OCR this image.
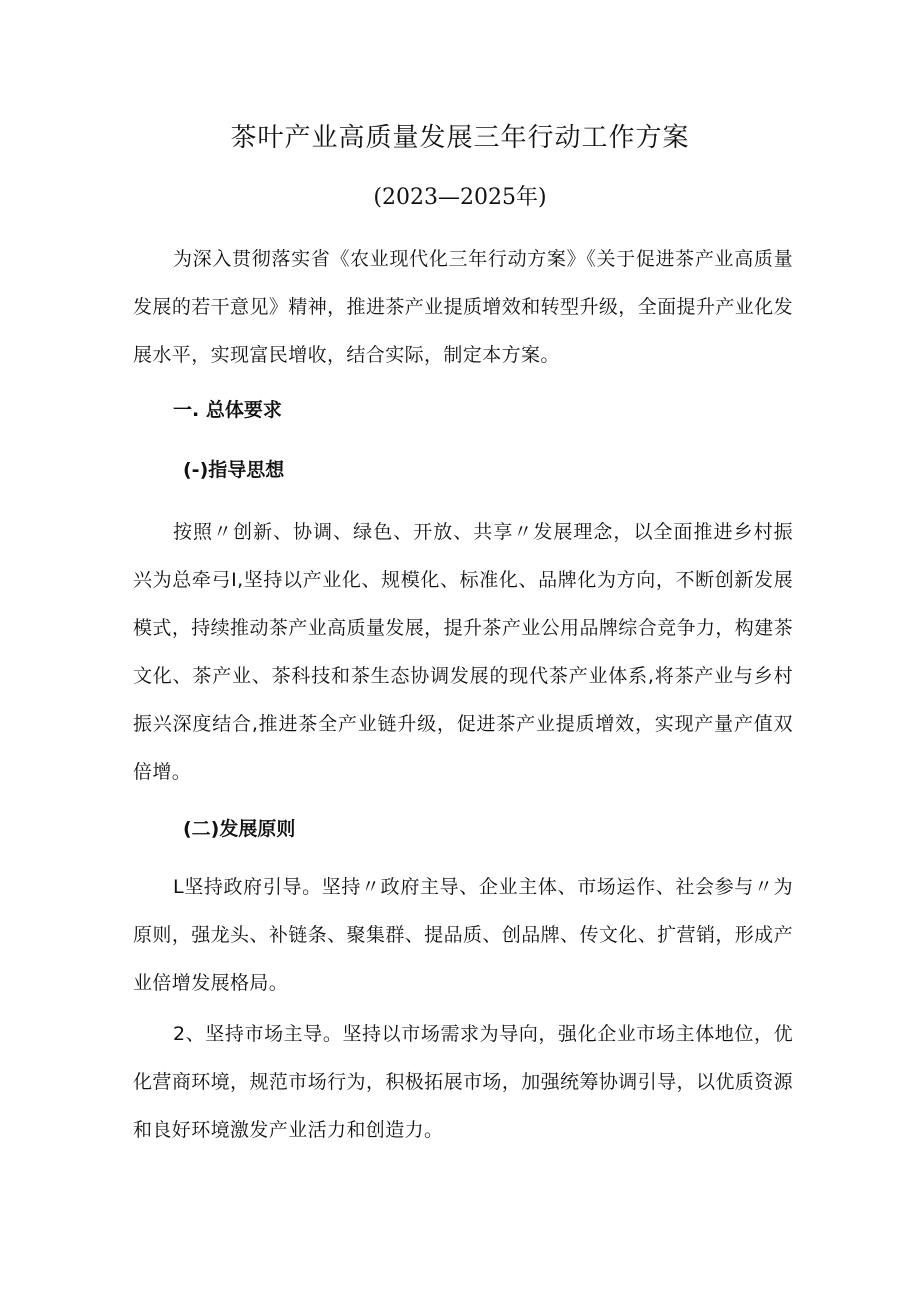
茶叶产业高质量发展三年行动工作方案
(2023—2025年)

为深入贯彻落实省《农业现代化三年行动方案》《关于促进茶产业高质量发展的若干意见》精神，推进茶产业提质增效和转型升级，全面提升产业化发展水平，实现富民增收，结合实际，制定本方案。

一. 总体要求
(-)指导思想

按照〃创新、协调、绿色、开放、共享〃发展理念，以全面推进乡村振兴为总牵弓I,坚持以产业化、规模化、标准化、品牌化为方向，不断创新发展模式，持续推动茶产业高质量发展，提升茶产业公用品牌综合竞争力，构建茶文化、茶产业、茶科技和茶生态协调发展的现代茶产业体系,将茶产业与乡村振兴深度结合,推进茶全产业链升级，促进茶产业提质增效，实现产量产值双倍增。

(二)发展原则

L坚持政府引导。坚持〃政府主导、企业主体、市场运作、社会参与〃为原则，强龙头、补链条、聚集群、提品质、创品牌、传文化、扩营销，形成产业倍增发展格局。

2、坚持市场主导。坚持以市场需求为导向，强化企业市场主体地位，优化营商环境，规范市场行为，积极拓展市场，加强统筹协调引导，以优质资源和良好环境激发产业活力和创造力。
